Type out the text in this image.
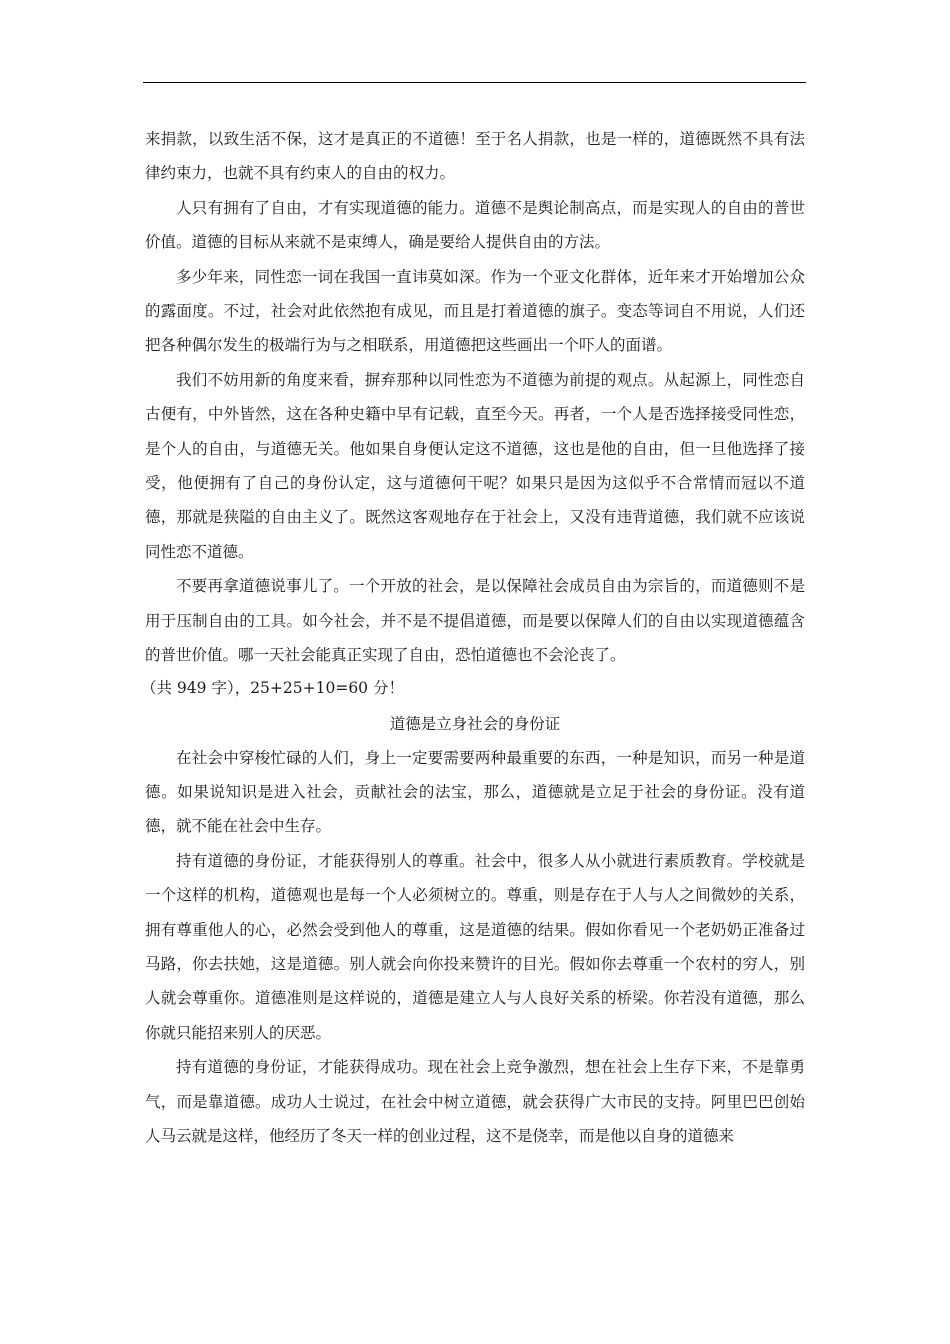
来捐款，以致生活不保，这才是真正的不道德！至于名人捐款，也是一样的，道德既然不具有法律约束力，也就不具有约束人的自由的权力。

人只有拥有了自由，才有实现道德的能力。道德不是舆论制高点，而是实现人的自由的普世价值。道德的目标从来就不是束缚人，确是要给人提供自由的方法。

多少年来，同性恋一词在我国一直讳莫如深。作为一个亚文化群体，近年来才开始增加公众的露面度。不过，社会对此依然抱有成见，而且是打着道德的旗子。变态等词自不用说，人们还把各种偶尔发生的极端行为与之相联系，用道德把这些画出一个吓人的面谱。

我们不妨用新的角度来看，摒弃那种以同性恋为不道德为前提的观点。从起源上，同性恋自古便有，中外皆然，这在各种史籍中早有记载，直至今天。再者，一个人是否选择接受同性恋，是个人的自由，与道德无关。他如果自身便认定这不道德，这也是他的自由，但一旦他选择了接受，他便拥有了自己的身份认定，这与道德何干呢？如果只是因为这似乎不合常情而冠以不道德，那就是狭隘的自由主义了。既然这客观地存在于社会上，又没有违背道德，我们就不应该说同性恋不道德。

不要再拿道德说事儿了。一个开放的社会，是以保障社会成员自由为宗旨的，而道德则不是用于压制自由的工具。如今社会，并不是不提倡道德，而是要以保障人们的自由以实现道德蕴含的普世价值。哪一天社会能真正实现了自由，恐怕道德也不会沦丧了。

（共 949 字），25+25+10=60 分！

道德是立身社会的身份证

在社会中穿梭忙碌的人们，身上一定要需要两种最重要的东西，一种是知识，而另一种是道德。如果说知识是进入社会，贡献社会的法宝，那么，道德就是立足于社会的身份证。没有道德，就不能在社会中生存。

持有道德的身份证，才能获得别人的尊重。社会中，很多人从小就进行素质教育。学校就是一个这样的机构，道德观也是每一个人必须树立的。尊重，则是存在于人与人之间微妙的关系，拥有尊重他人的心，必然会受到他人的尊重，这是道德的结果。假如你看见一个老奶奶正准备过马路，你去扶她，这是道德。别人就会向你投来赞许的目光。假如你去尊重一个农村的穷人，别人就会尊重你。道德准则是这样说的，道德是建立人与人良好关系的桥梁。你若没有道德，那么你就只能招来别人的厌恶。

持有道德的身份证，才能获得成功。现在社会上竞争激烈，想在社会上生存下来，不是靠勇气，而是靠道德。成功人士说过，在社会中树立道德，就会获得广大市民的支持。阿里巴巴创始人马云就是这样，他经历了冬天一样的创业过程，这不是侥幸，而是他以自身的道德来
